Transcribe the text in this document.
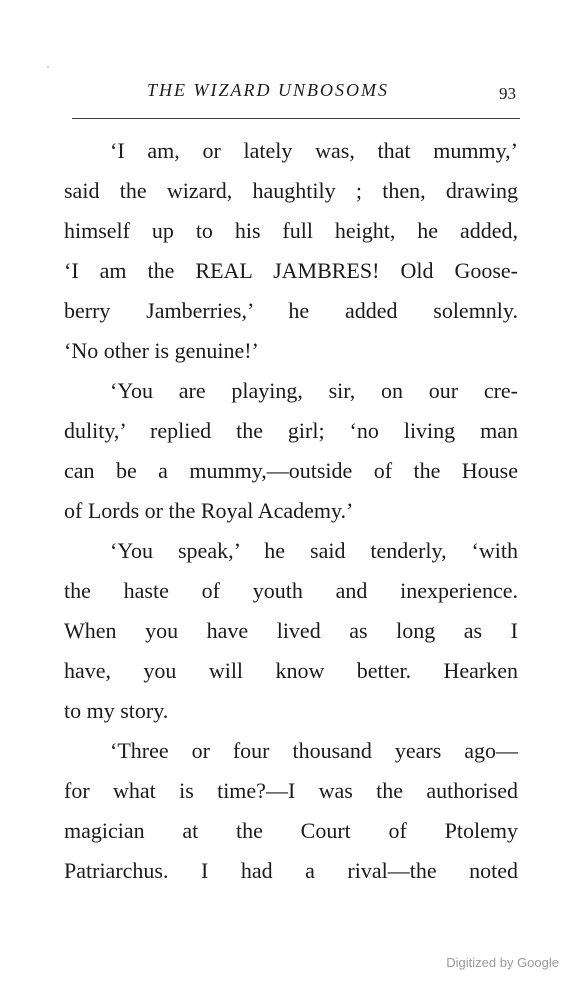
THE WIZARD UNBOSOMS	93
‘I am, or lately was, that mummy,’
said the wizard, haughtily ; then, drawing
himself up to his full height, he added,
‘I am the REAL JAMBRES! Old Goose-
berry Jamberries,’ he added solemnly.
‘No other is genuine!’
‘You are playing, sir, on our cre-
dulity,’ replied the girl; ‘no living man
can be a mummy,—outside of the House
of Lords or the Royal Academy.’
‘You speak,’ he said tenderly, ‘with
the haste of youth and inexperience.
When you have lived as long as I
have, you will know better. Hearken
to my story.
‘Three or four thousand years ago—
for what is time?—I was the authorised
magician at the Court of Ptolemy
Patriarchus. I had a rival—the noted
Digitized by Google
